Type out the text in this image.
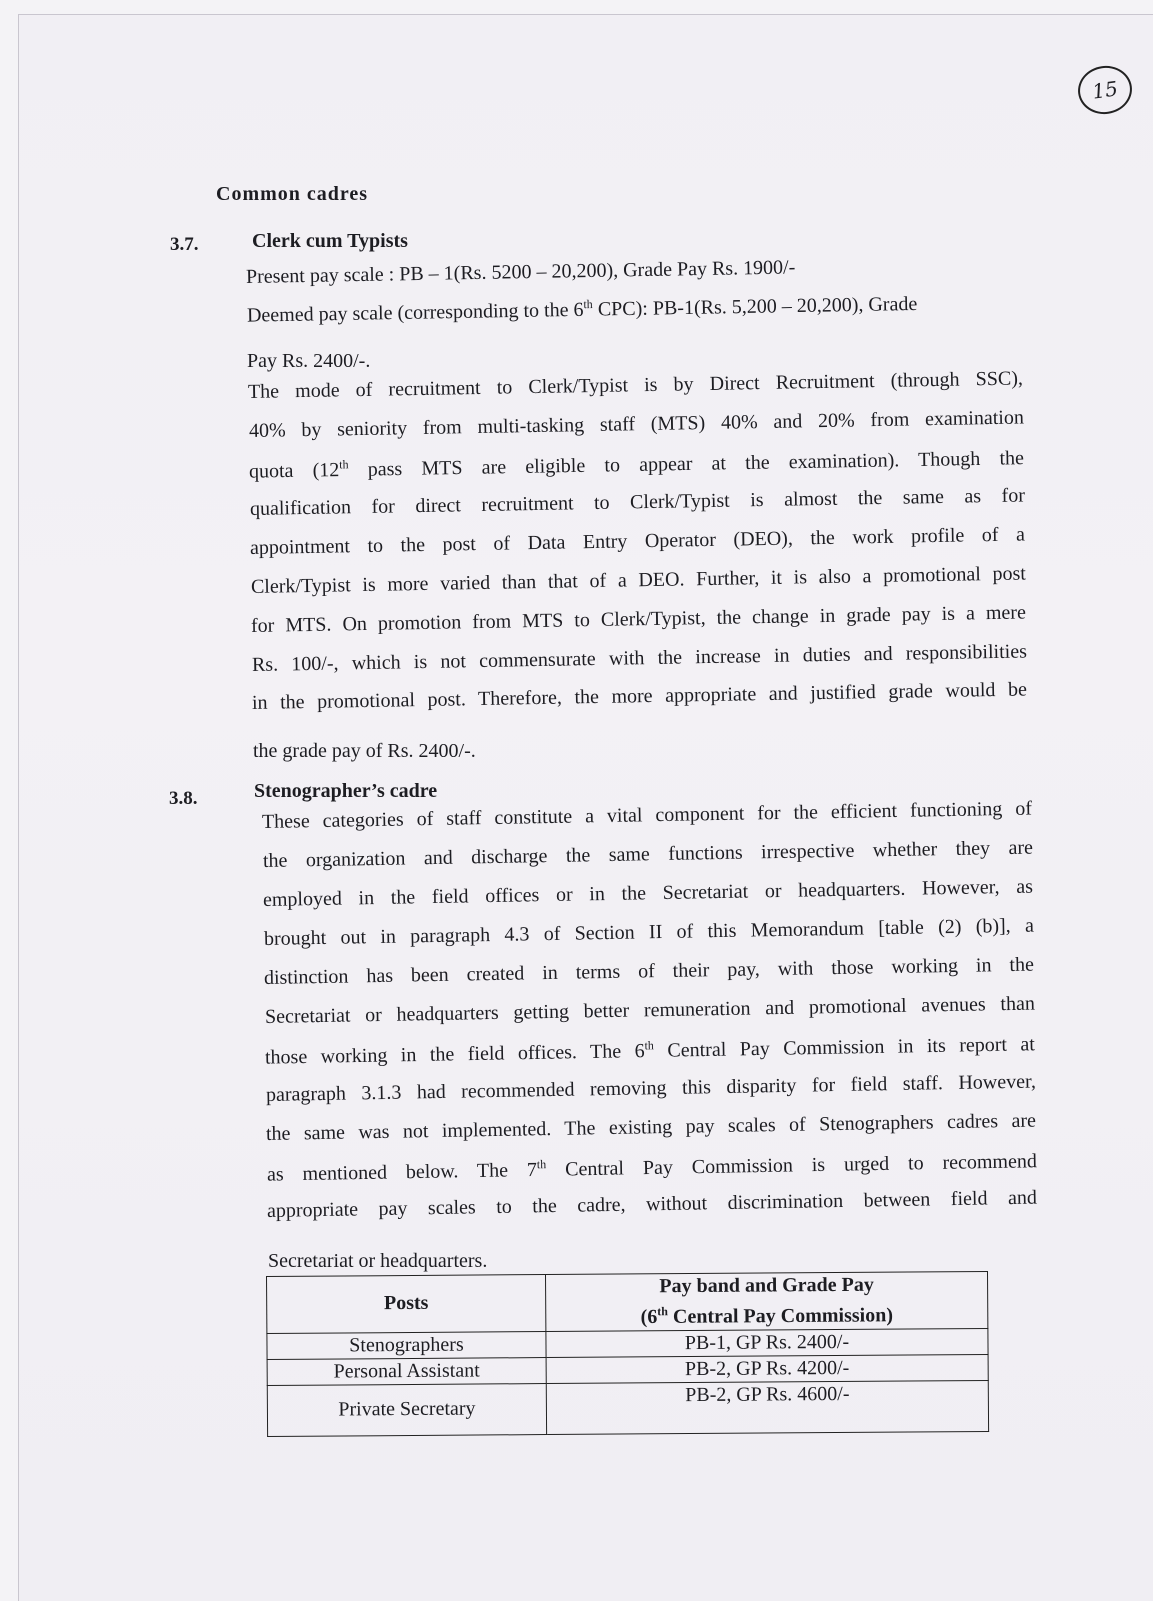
15
Common cadres
3.7.	Clerk cum Typists
Present pay scale : PB – 1(Rs. 5200 – 20,200), Grade Pay Rs. 1900/-
Deemed pay scale (corresponding to the 6th CPC): PB-1(Rs. 5,200 – 20,200), Grade
Pay Rs. 2400/-.
The mode of recruitment to Clerk/Typist is by Direct Recruitment (through SSC),
40% by seniority from multi-tasking staff (MTS) 40% and 20% from examination
quota (12th pass MTS are eligible to appear at the examination). Though the
qualification for direct recruitment to Clerk/Typist is almost the same as for
appointment to the post of Data Entry Operator (DEO), the work profile of a
Clerk/Typist is more varied than that of a DEO. Further, it is also a promotional post
for MTS. On promotion from MTS to Clerk/Typist, the change in grade pay is a mere
Rs. 100/-, which is not commensurate with the increase in duties and responsibilities
in the promotional post. Therefore, the more appropriate and justified grade would be
the grade pay of Rs. 2400/-.
3.8.	Stenographer’s cadre
These categories of staff constitute a vital component for the efficient functioning of
the organization and discharge the same functions irrespective whether they are
employed in the field offices or in the Secretariat or headquarters. However, as
brought out in paragraph 4.3 of Section II of this Memorandum [table (2) (b)], a
distinction has been created in terms of their pay, with those working in the
Secretariat or headquarters getting better remuneration and promotional avenues than
those working in the field offices. The 6th Central Pay Commission in its report at
paragraph 3.1.3 had recommended removing this disparity for field staff. However,
the same was not implemented. The existing pay scales of Stenographers cadres are
as mentioned below. The 7th Central Pay Commission is urged to recommend
appropriate pay scales to the cadre, without discrimination between field and
Secretariat or headquarters.
Posts	Pay band and Grade Pay
(6th Central Pay Commission)

Stenographers	PB-1, GP Rs. 2400/-
Personal Assistant	PB-2, GP Rs. 4200/-
Private Secretary	PB-2, GP Rs. 4600/-
